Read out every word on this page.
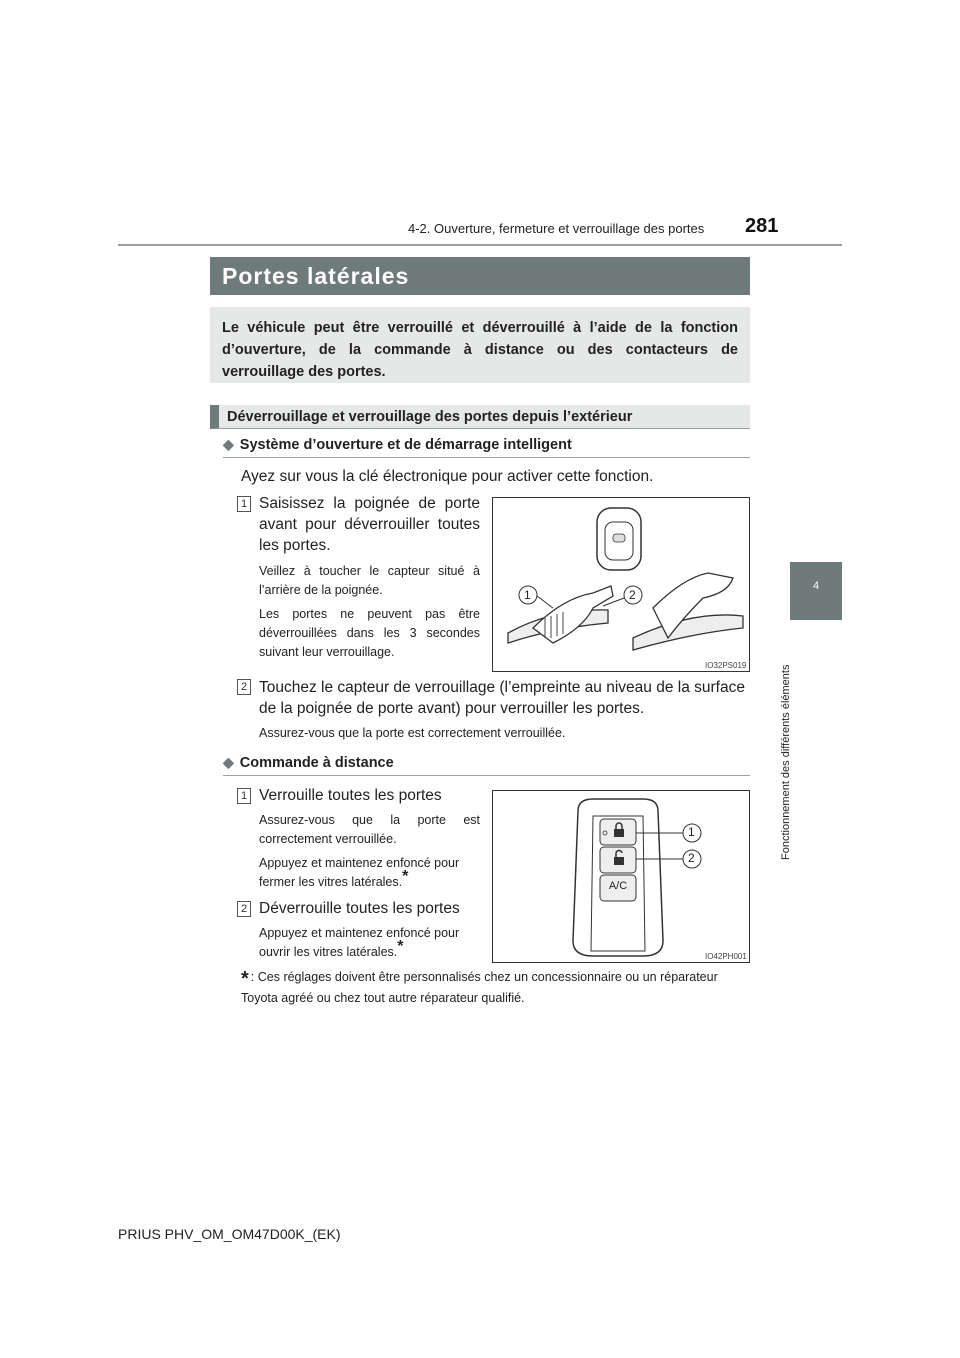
4-2. Ouverture, fermeture et verrouillage des portes 281
4
Fonctionnement des différents éléments
Portes latérales
Le véhicule peut être verrouillé et déverrouillé à l’aide de la fonction d’ouverture, de la commande à distance ou des contacteurs de verrouillage des portes.
Déverrouillage et verrouillage des portes depuis l’extérieur
◆ Système d’ouverture et de démarrage intelligent
Ayez sur vous la clé électronique pour activer cette fonction.
1 Saisissez la poignée de porte avant pour déverrouiller toutes les portes.
Veillez à toucher le capteur situé à l’arrière de la poignée.
Les portes ne peuvent pas être déverrouillées dans les 3 secondes suivant leur verrouillage.
1	2
IO32PS019
2 Touchez le capteur de verrouillage (l’empreinte au niveau de la surface de la poignée de porte avant) pour verrouiller les portes.
Assurez-vous que la porte est correctement verrouillée.
◆ Commande à distance
1 Verrouille toutes les portes
Assurez-vous que la porte est correctement verrouillée.
Appuyez et maintenez enfoncé pour fermer les vitres latérales.*
2 Déverrouille toutes les portes
Appuyez et maintenez enfoncé pour ouvrir les vitres latérales.*
1
2
A/C
IO42PH001
* : Ces réglages doivent être personnalisés chez un concessionnaire ou un réparateur Toyota agréé ou chez tout autre réparateur qualifié.
PRIUS PHV_OM_OM47D00K_(EK)
